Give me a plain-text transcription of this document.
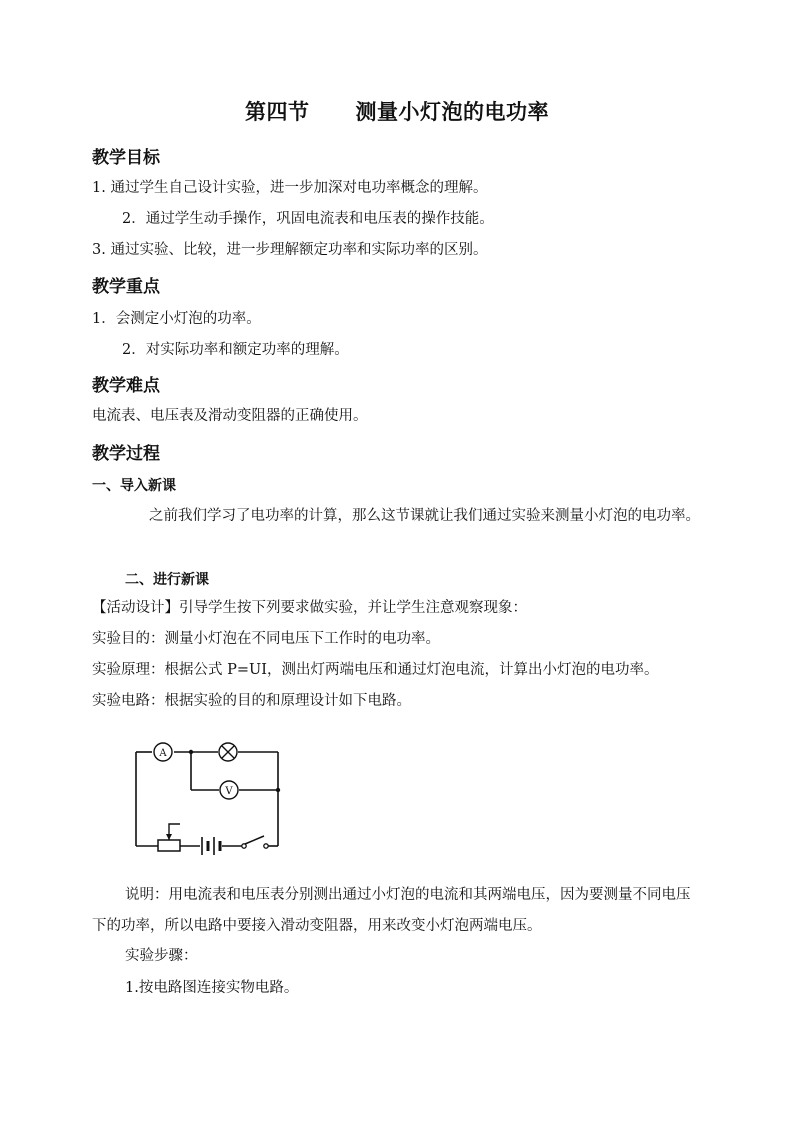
第四节 测量小灯泡的电功率
教学目标
1. 通过学生自己设计实验，进一步加深对电功率概念的理解。
2．通过学生动手操作，巩固电流表和电压表的操作技能。
3. 通过实验、比较，进一步理解额定功率和实际功率的区别。
教学重点
1．会测定小灯泡的功率。
2．对实际功率和额定功率的理解。
教学难点
电流表、电压表及滑动变阻器的正确使用。
教学过程
一、导入新课
之前我们学习了电功率的计算，那么这节课就让我们通过实验来测量小灯泡的电功率。
二、进行新课
【活动设计】引导学生按下列要求做实验，并让学生注意观察现象：
实验目的：测量小灯泡在不同电压下工作时的电功率。
实验原理：根据公式 P=UI，测出灯两端电压和通过灯泡电流，计算出小灯泡的电功率。
实验电路：根据实验的目的和原理设计如下电路。
A
V
说明：用电流表和电压表分别测出通过小灯泡的电流和其两端电压，因为要测量不同电压下的功率，所以电路中要接入滑动变阻器，用来改变小灯泡两端电压。
实验步骤：
1.按电路图连接实物电路。
